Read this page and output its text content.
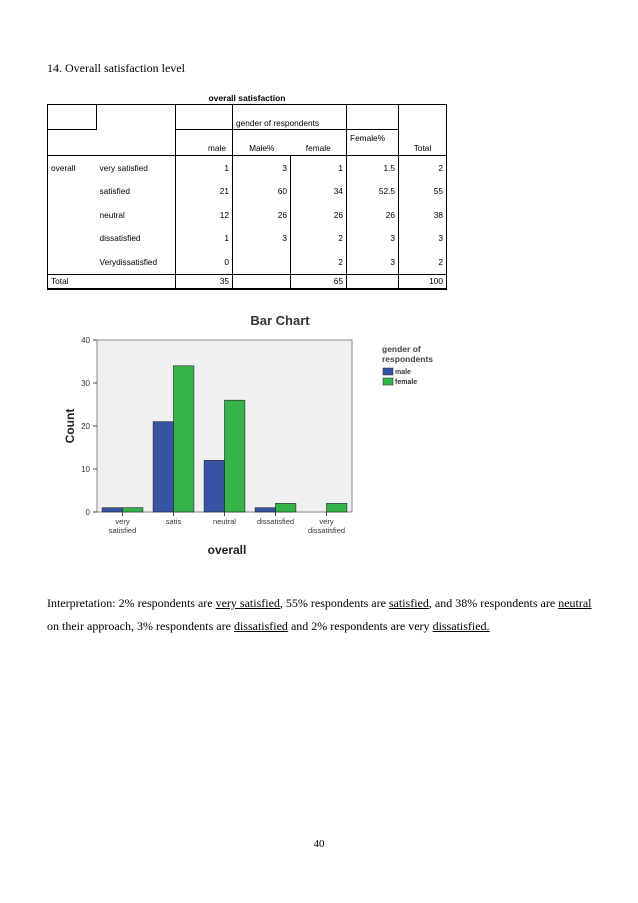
14. Overall satisfaction level
overall satisfaction
			gender of respondents			
		male	Male%	female	Female%	Total
overall	very satisfied	1	3	1	1.5	2
	satisfied	21	60	34	52.5	55
	neutral	12	26	26	26	38
	dissatisfied	1	3	2	3	3
	Verydissatisfied	0		2	3	2
Total		35		65		100
Bar Chart
0
10
20
30
40
very satisfied
satis	neutral	dissatisfied	very dissatisfied
Count
overall
gender of respondents
male
female
Interpretation: 2% respondents are very satisfied, 55% respondents are satisfied, and 38% respondents are neutral on their approach, 3% respondents are dissatisfied and 2% respondents are very dissatisfied.
40
